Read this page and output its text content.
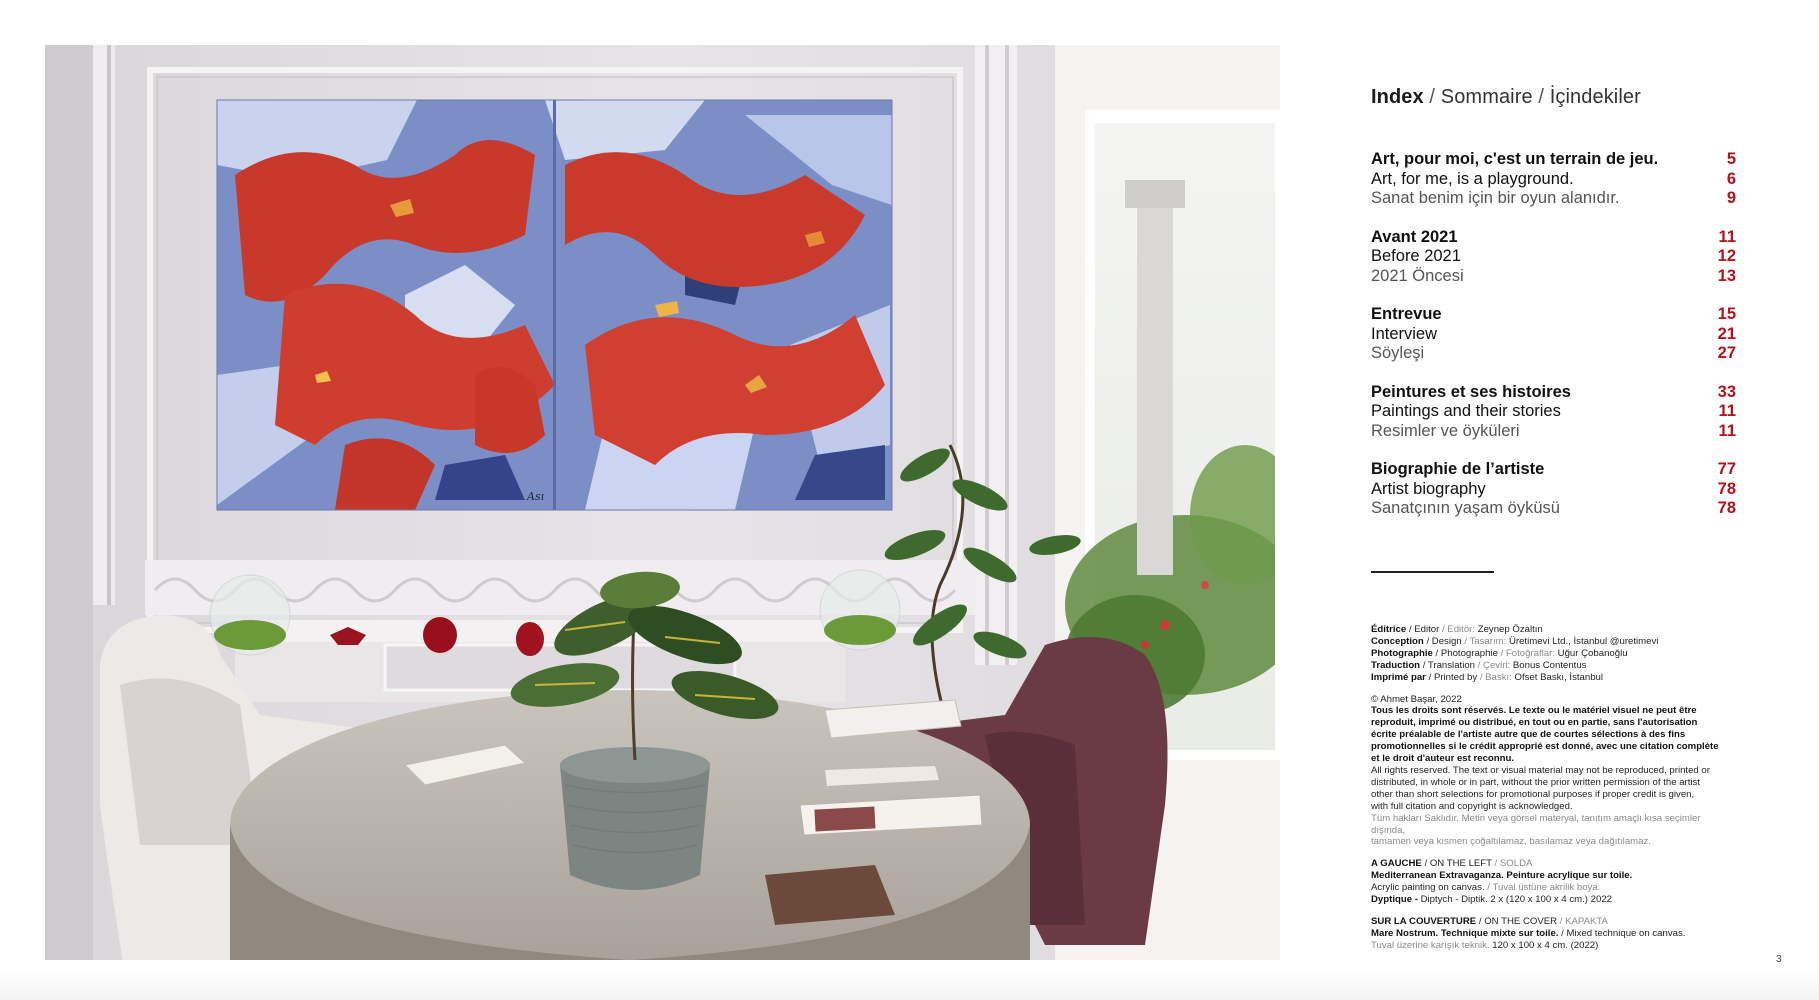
Ası
Index / Sommaire / İçindekiler
Art, pour moi, c'est un terrain de jeu.	5
Art, for me, is a playground.	6
Sanat benim için bir oyun alanıdır.	9
Avant 2021	11
Before 2021	12
2021 Öncesi	13
Entrevue	15
Interview	21
Söyleşi	27
Peintures et ses histoires	33
Paintings and their stories	11
Resimler ve öyküleri	11
Biographie de l’artiste	77
Artist biography	78
Sanatçının yaşam öyküsü	78

Éditrice / Editor / Editör: Zeynep Özaltın

Conception / Design / Tasarım: Üretimevi Ltd., İstanbul @uretimevi

Photographie / Photographie / Fotoğraflar: Uğur Çobanoğlu

Traduction / Translation / Çeviri: Bonus Contentus

Imprimé par / Printed by / Baskı: Ofset Baskı, İstanbul

© Ahmet Başar, 2022

Tous les droits sont réservés. Le texte ou le matériel visuel ne peut être

reproduit, imprimé ou distribué, en tout ou en partie, sans l'autorisation

écrite préalable de l'artiste autre que de courtes sélections à des fins

promotionnelles si le crédit approprié est donné, avec une citation complète

et le droit d'auteur est reconnu.

All rights reserved. The text or visual material may not be reproduced, printed or

distributed, in whole or in part, without the prior written permission of the artist

other than short selections for promotional purposes if proper credit is given,

with full citation and copyright is acknowledged.

Tüm hakları Saklıdır. Metin veya görsel materyal, tanıtım amaçlı kısa seçimler dışında,

tamamen veya kısmen çoğaltılamaz, basılamaz veya dağıtılamaz.

A GAUCHE / ON THE LEFT / SOLDA

Mediterranean Extravaganza. Peinture acrylique sur toile.

Acrylic painting on canvas. / Tuval üstüne akrilik boya.

Dyptique - Diptych - Diptik. 2 x (120 x 100 x 4 cm.) 2022

SUR LA COUVERTURE / ON THE COVER / KAPAKTA

Mare Nostrum. Technique mixte sur toile. / Mixed technique on canvas.

Tuval üzerine karışık teknik. 120 x 100 x 4 cm. (2022)

3
